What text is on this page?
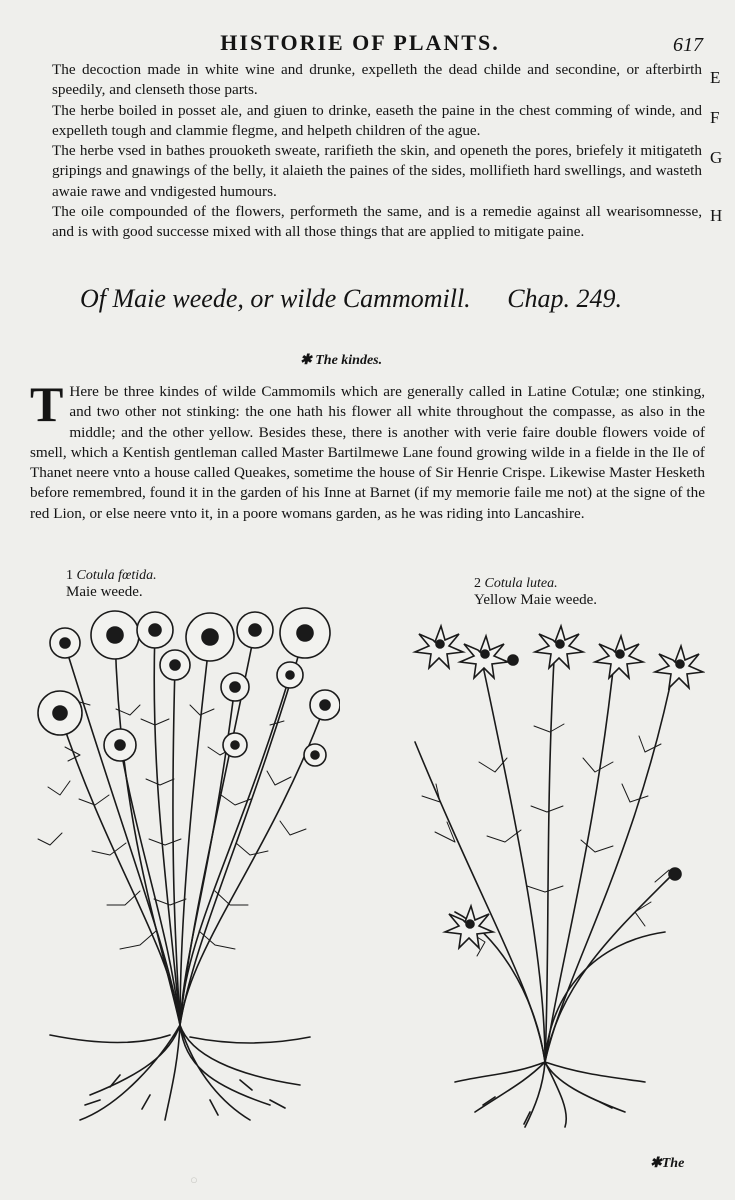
HISTORIE OF PLANTS.	617

The decoction made in white wine and drunke, expelleth the dead childe and secondine, or afterbirth speedily, and clenseth those parts.

The herbe boiled in posset ale, and giuen to drinke, easeth the paine in the chest comming of winde, and expelleth tough and clammie flegme, and helpeth children of the ague.

The herbe vsed in bathes prouoketh sweate, rarifieth the skin, and openeth the pores, briefely it mitigateth gripings and gnawings of the belly, it alaieth the paines of the sides, mollifieth hard swellings, and wasteth awaie rawe and vndigested humours.

The oile compounded of the flowers, performeth the same, and is a remedie against all wearisomnesse, and is with good successe mixed with all those things that are applied to mitigate paine.

E
F
G
H
Of Maie weede, or wilde Cammomill. Chap. 249.
✱ The kindes.

T Here be three kindes of wilde Cammomils which are generally called in Latine Cotulæ; one stinking, and two other not stinking: the one hath his flower all white throughout the compasse, as also in the middle; and the other yellow. Besides these, there is another with verie faire double flowers voide of smell, which a Kentish gentleman called Master Bartilmewe Lane found growing wilde in a fielde in the Ile of Thanet neere vnto a house called Queakes, sometime the house of Sir Henrie Crispe. Likewise Master Hesketh before remembred, found it in the garden of his Inne at Barnet (if my memorie faile me not) at the signe of the red Lion, or else neere vnto it, in a poore womans garden, as he was riding into Lancashire.

1 Cotula fœtida.
Maie weede.
2 Cotula lutea.
Yellow Maie weede.
✱The
○
